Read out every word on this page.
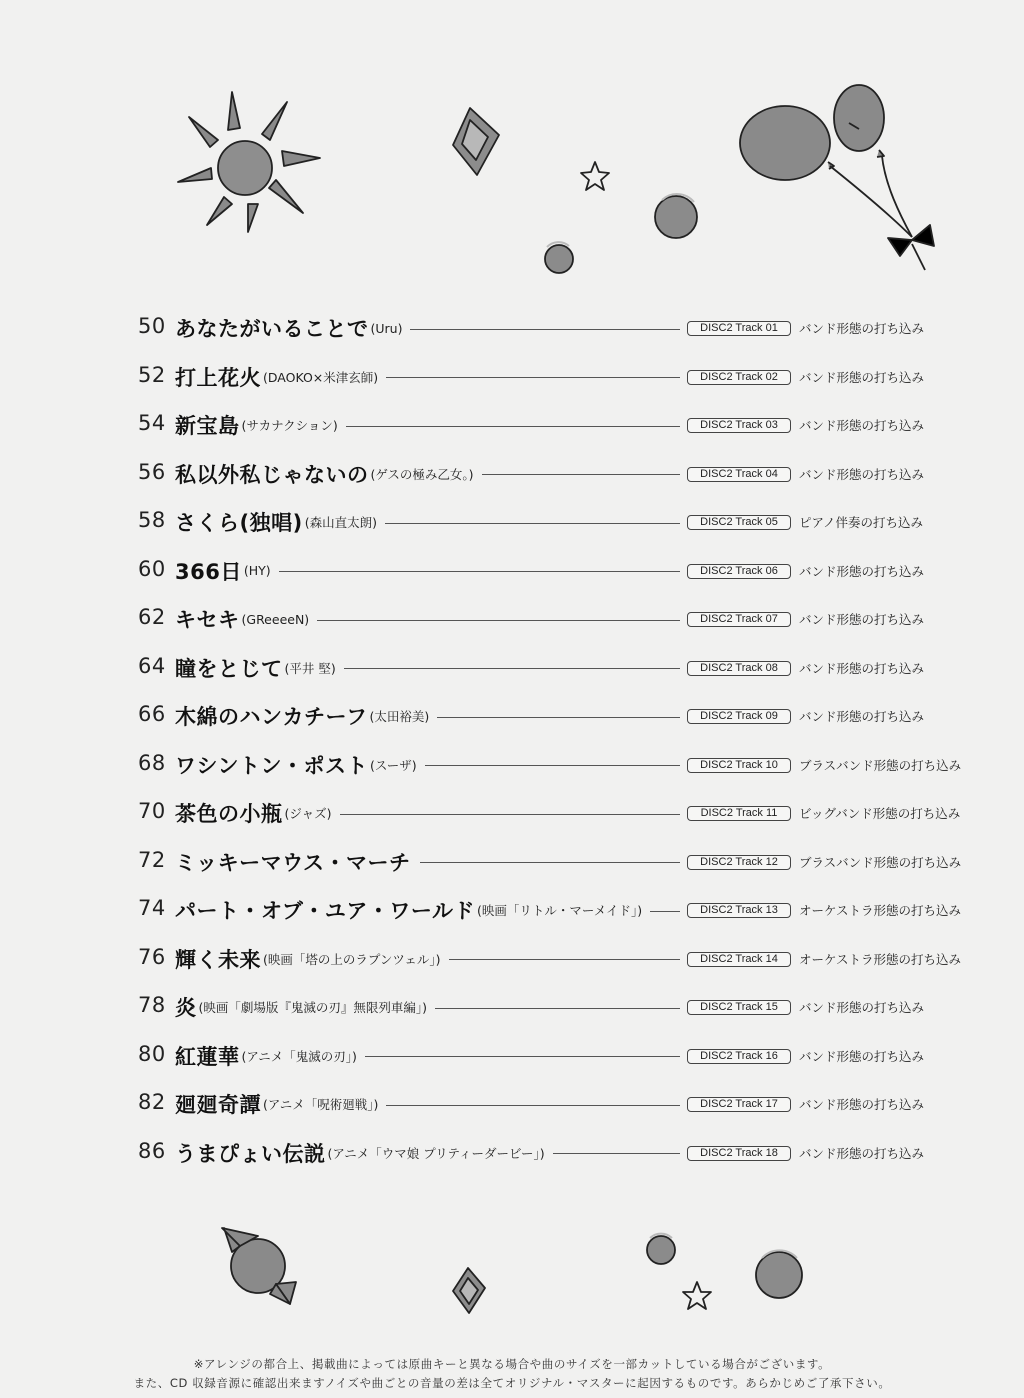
50 あなたがいることで (Uru)	DISC2 Track 01	バンド形態の打ち込み
52 打上花火 (DAOKO×米津玄師)	DISC2 Track 02	バンド形態の打ち込み
54 新宝島 (サカナクション)	DISC2 Track 03	バンド形態の打ち込み
56 私以外私じゃないの (ゲスの極み乙女。)	DISC2 Track 04	バンド形態の打ち込み
58 さくら(独唱) (森山直太朗)	DISC2 Track 05	ピアノ伴奏の打ち込み
60 366日 (HY)	DISC2 Track 06	バンド形態の打ち込み
62 キセキ (GReeeeN)	DISC2 Track 07	バンド形態の打ち込み
64 瞳をとじて (平井 堅)	DISC2 Track 08	バンド形態の打ち込み
66 木綿のハンカチーフ (太田裕美)	DISC2 Track 09	バンド形態の打ち込み
68 ワシントン・ポスト (スーザ)	DISC2 Track 10	ブラスバンド形態の打ち込み
70 茶色の小瓶 (ジャズ)	DISC2 Track 11	ビッグバンド形態の打ち込み
72 ミッキーマウス・マーチ	DISC2 Track 12	ブラスバンド形態の打ち込み
74 パート・オブ・ユア・ワールド (映画「リトル・マーメイド」)	DISC2 Track 13	オーケストラ形態の打ち込み
76 輝く未来 (映画「塔の上のラプンツェル」)	DISC2 Track 14	オーケストラ形態の打ち込み
78 炎 (映画「劇場版『鬼滅の刃』無限列車編」)	DISC2 Track 15	バンド形態の打ち込み
80 紅蓮華 (アニメ「鬼滅の刃」)	DISC2 Track 16	バンド形態の打ち込み
82 廻廻奇譚 (アニメ「呪術廻戦」)	DISC2 Track 17	バンド形態の打ち込み
86 うまぴょい伝説 (アニメ「ウマ娘 プリティーダービー」)	DISC2 Track 18	バンド形態の打ち込み
※アレンジの都合上、掲載曲によっては原曲キーと異なる場合や曲のサイズを一部カットしている場合がございます。
また、CD 収録音源に確認出来ますノイズや曲ごとの音量の差は全てオリジナル・マスターに起因するものです。あらかじめご了承下さい。
